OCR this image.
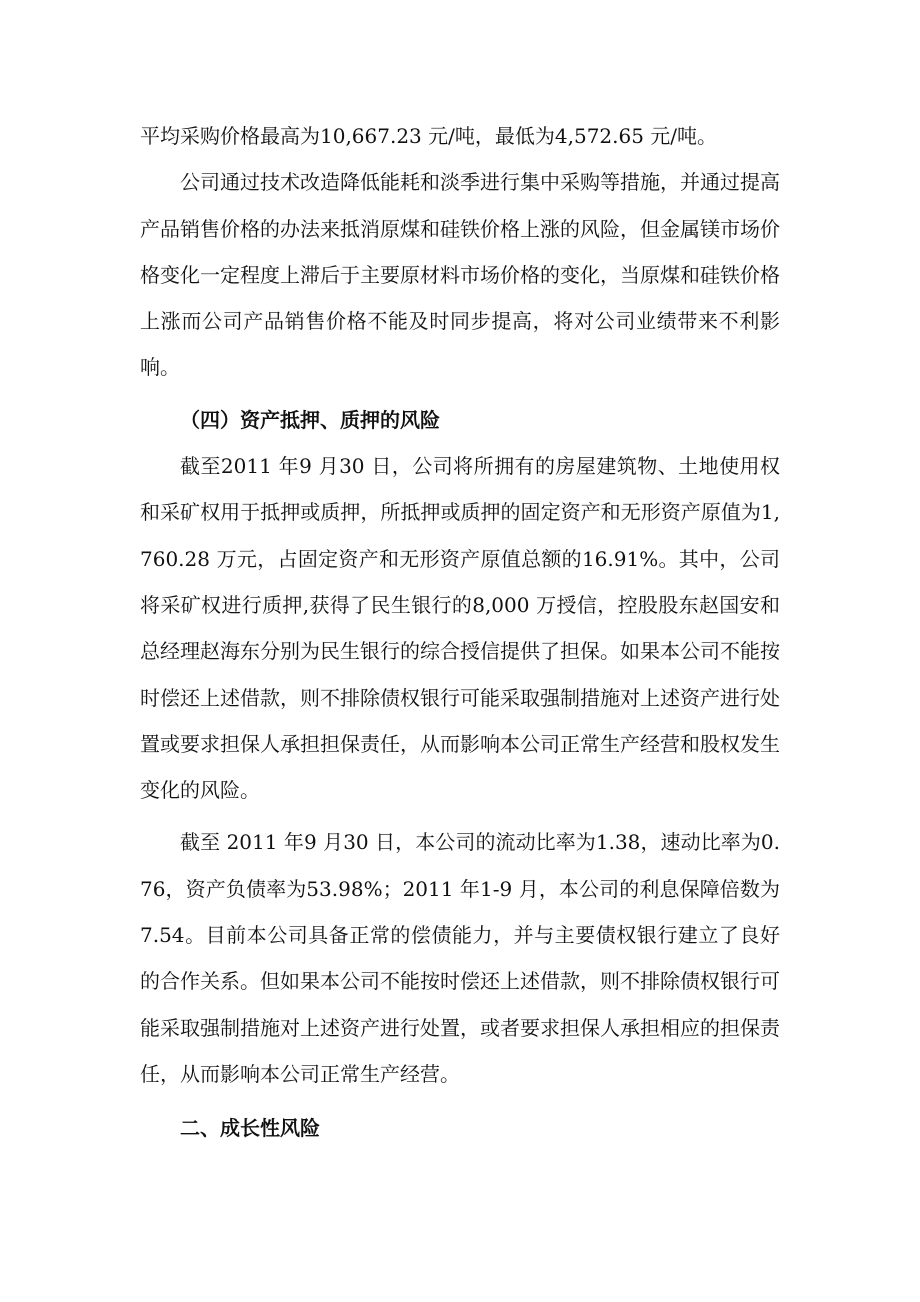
平均采购价格最高为10,667.23 元/吨，最低为4,572.65 元/吨。

公司通过技术改造降低能耗和淡季进行集中采购等措施，并通过提高产品销售价格的办法来抵消原煤和硅铁价格上涨的风险，但金属镁市场价格变化一定程度上滞后于主要原材料市场价格的变化，当原煤和硅铁价格上涨而公司产品销售价格不能及时同步提高，将对公司业绩带来不利影响。

（四）资产抵押、质押的风险

截至2011 年9 月30 日，公司将所拥有的房屋建筑物、土地使用权和采矿权用于抵押或质押，所抵押或质押的固定资产和无形资产原值为1,760.28 万元，占固定资产和无形资产原值总额的16.91%。其中，公司将采矿权进行质押,获得了民生银行的8,000 万授信，控股股东赵国安和总经理赵海东分别为民生银行的综合授信提供了担保。如果本公司不能按时偿还上述借款，则不排除债权银行可能采取强制措施对上述资产进行处置或要求担保人承担担保责任，从而影响本公司正常生产经营和股权发生变化的风险。

截至 2011 年9 月30 日，本公司的流动比率为1.38，速动比率为0.76，资产负债率为53.98%；2011 年1-9 月，本公司的利息保障倍数为7.54。目前本公司具备正常的偿债能力，并与主要债权银行建立了良好的合作关系。但如果本公司不能按时偿还上述借款，则不排除债权银行可能采取强制措施对上述资产进行处置，或者要求担保人承担相应的担保责任，从而影响本公司正常生产经营。

二、成长性风险
